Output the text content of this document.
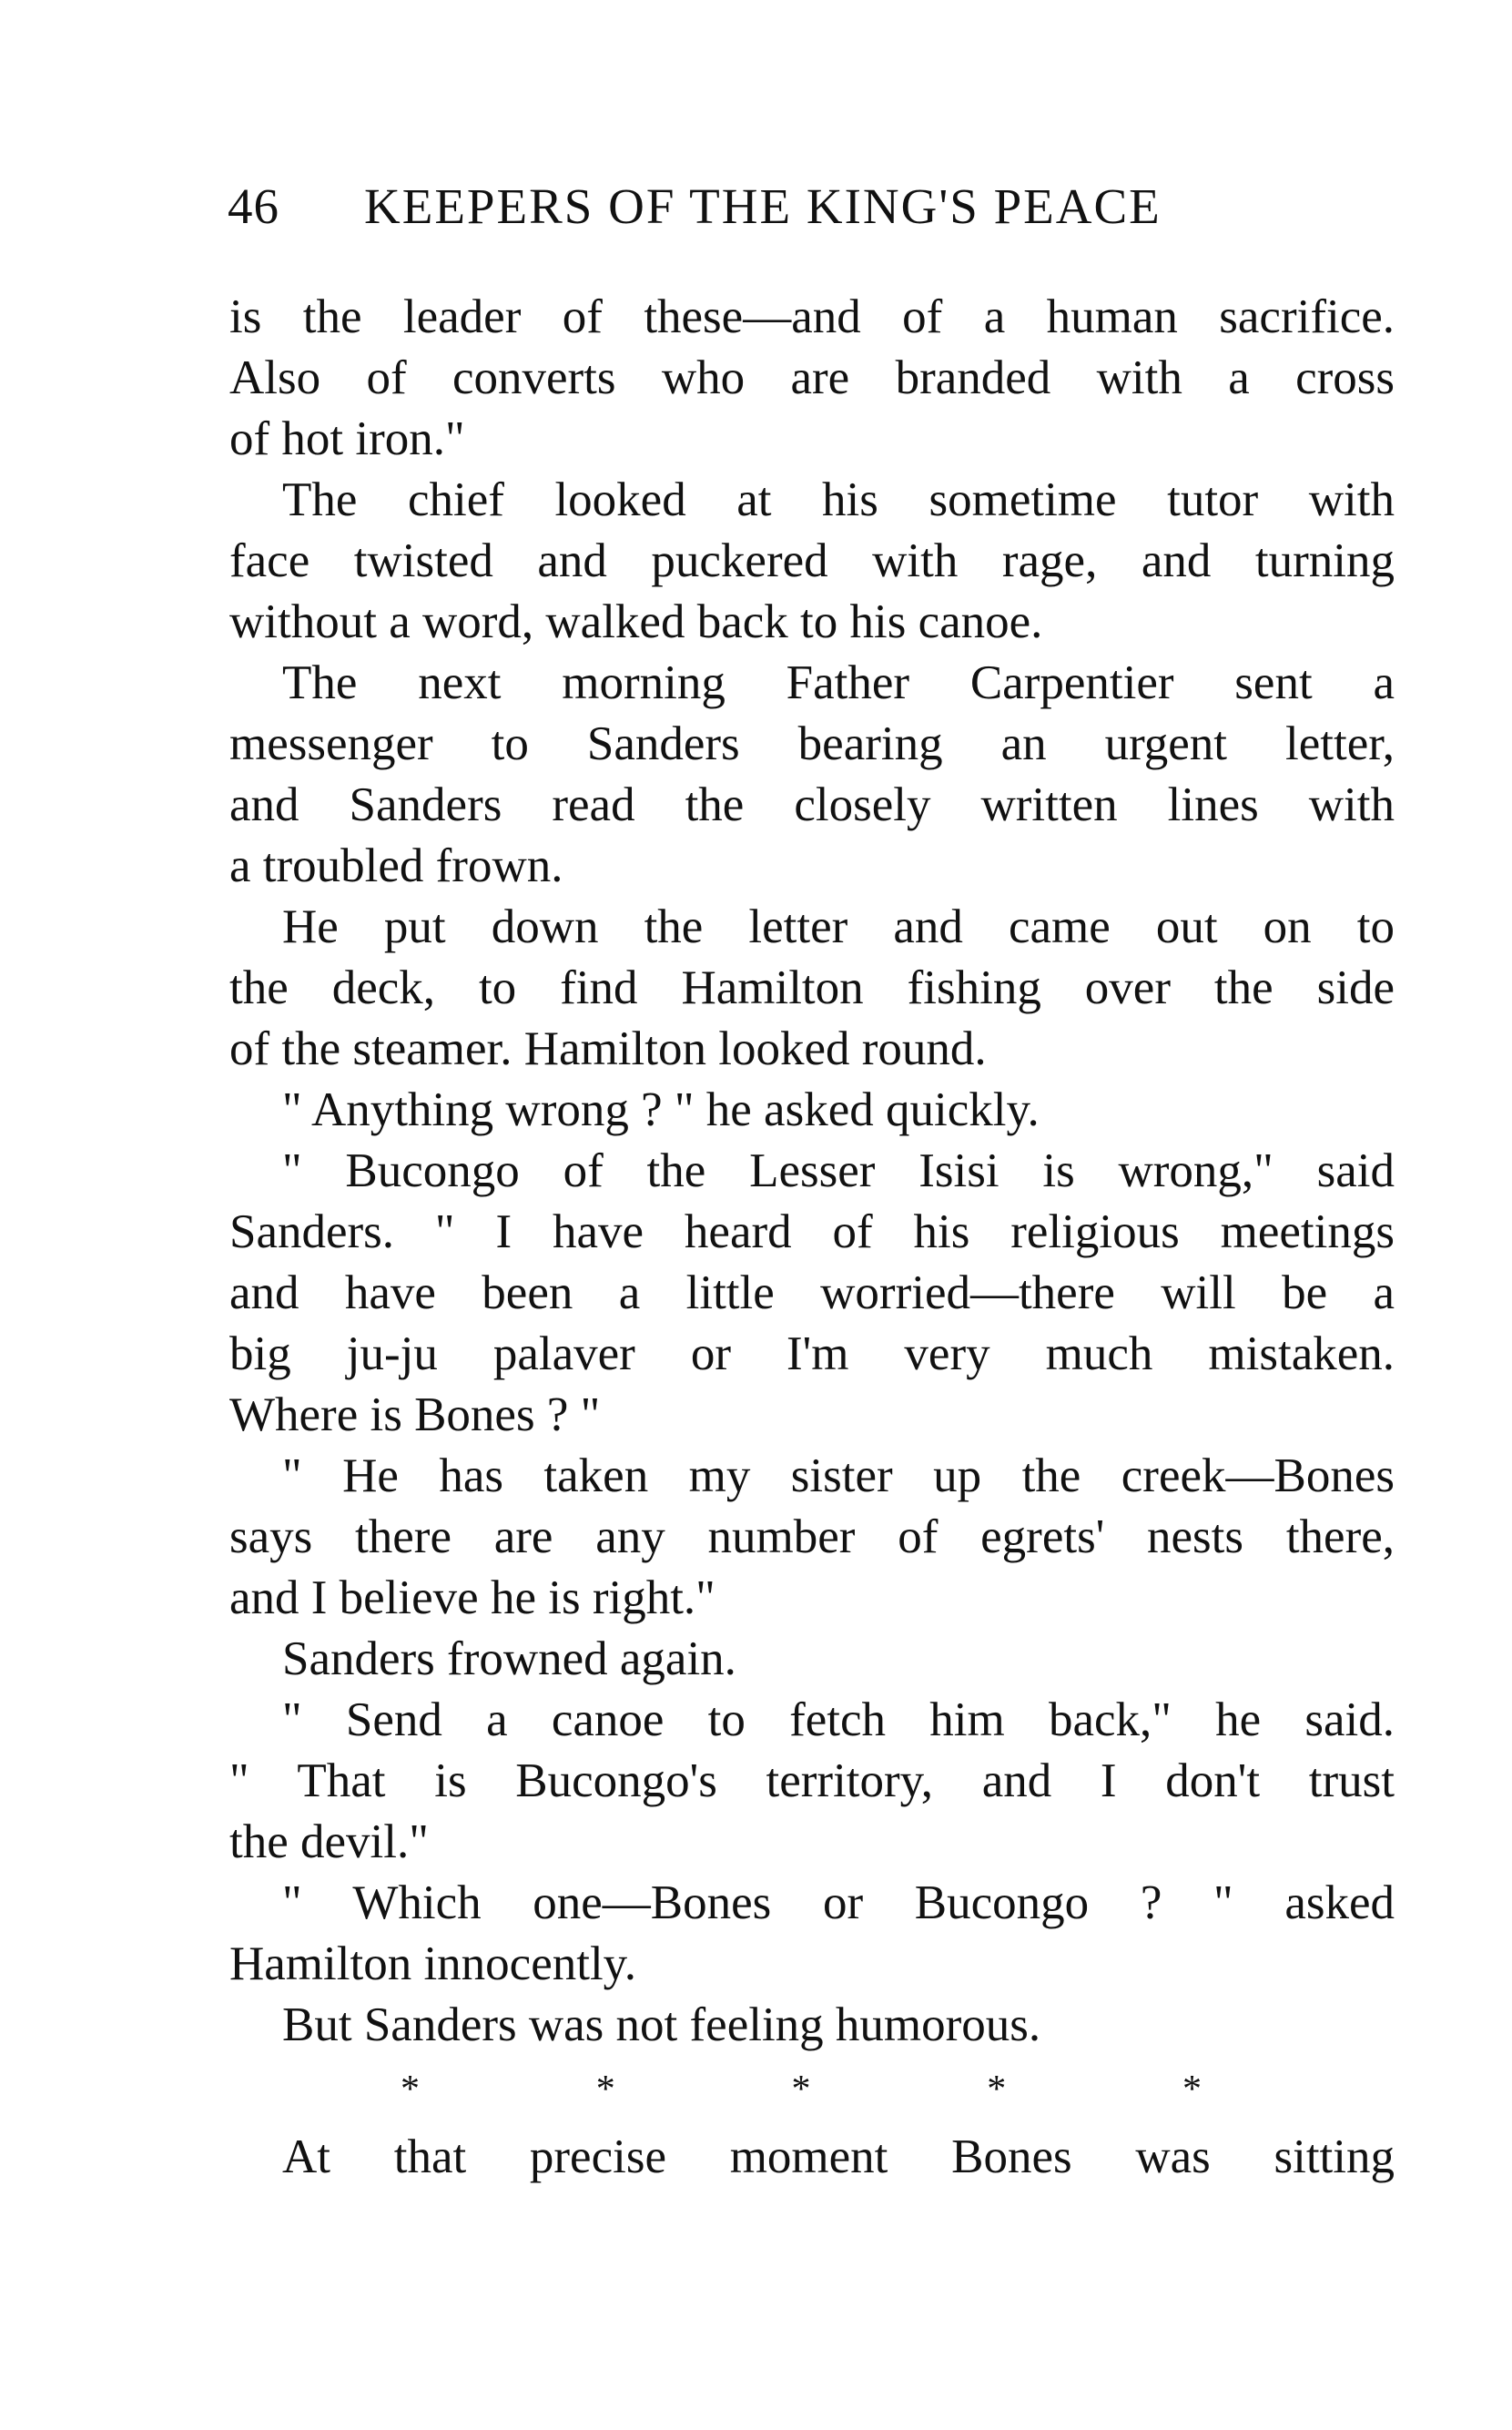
46 KEEPERS OF THE KING'S PEACE
is the leader of these—and of a human sacrifice.
Also of converts who are branded with a cross
of hot iron."
The chief looked at his sometime tutor with
face twisted and puckered with rage, and turning
without a word, walked back to his canoe.
The next morning Father Carpentier sent a
messenger to Sanders bearing an urgent letter,
and Sanders read the closely written lines with
a troubled frown.
He put down the letter and came out on to
the deck, to find Hamilton fishing over the side
of the steamer. Hamilton looked round.
" Anything wrong ? " he asked quickly.
" Bucongo of the Lesser Isisi is wrong," said
Sanders. " I have heard of his religious meetings
and have been a little worried—there will be a
big ju-ju palaver or I'm very much mistaken.
Where is Bones ? "
" He has taken my sister up the creek—Bones
says there are any number of egrets' nests there,
and I believe he is right."
Sanders frowned again.
" Send a canoe to fetch him back," he said.
" That is Bucongo's territory, and I don't trust
the devil."
" Which one—Bones or Bucongo ? " asked
Hamilton innocently.
But Sanders was not feeling humorous.
*	*	*	*	*
At that precise moment Bones was sitting
